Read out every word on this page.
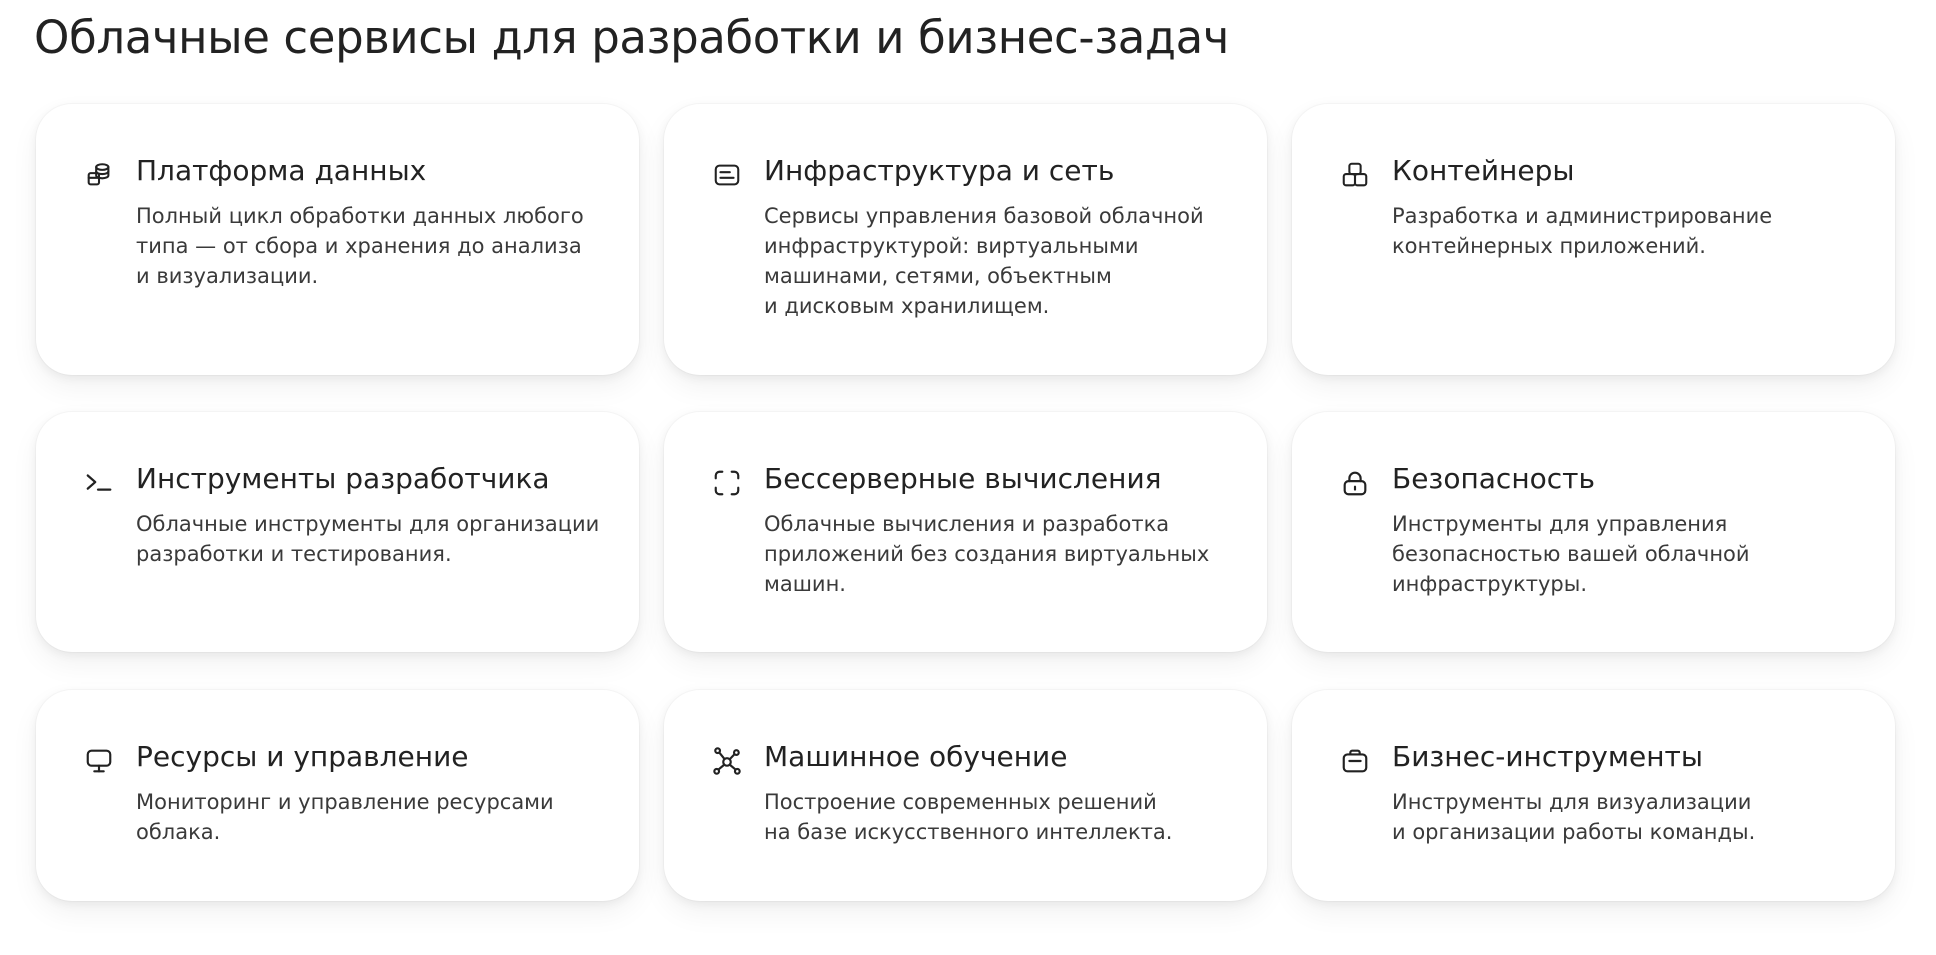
Облачные сервисы для разработки и бизнес-задач
Платформа данных

Полный цикл обработки данных любого
типа — от сбора и хранения до анализа
и визуализации.

Инфраструктура и сеть

Сервисы управления базовой облачной
инфраструктурой: виртуальными
машинами, сетями, объектным
и дисковым хранилищем.

Контейнеры

Разработка и администрирование
контейнерных приложений.

Инструменты разработчика

Облачные инструменты для организации
разработки и тестирования.

Бессерверные вычисления

Облачные вычисления и разработка
приложений без создания виртуальных
машин.

Безопасность

Инструменты для управления
безопасностью вашей облачной
инфраструктуры.

Ресурсы и управление

Мониторинг и управление ресурсами
облака.

Машинное обучение

Построение современных решений
на базе искусственного интеллекта.

Бизнес-инструменты

Инструменты для визуализации
и организации работы команды.
